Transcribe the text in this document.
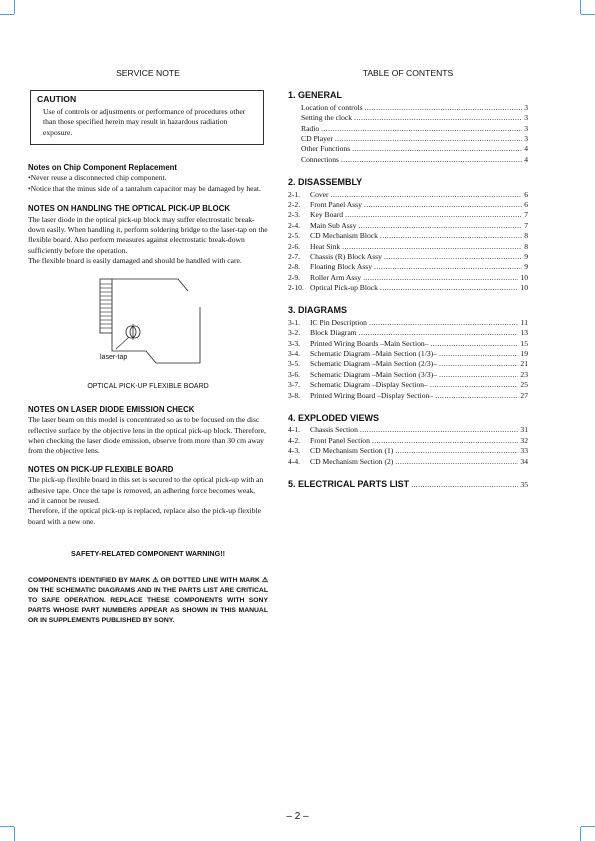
SERVICE NOTE
CAUTION
Use of controls or adjustments or performance of procedures other than those specified herein may result in hazardous radiation exposure.
Notes on Chip Component Replacement

•Never reuse a disconnected chip component.

•Notice that the minus side of a tantalum capacitor may be damaged by heat.

NOTES ON HANDLING THE OPTICAL PICK-UP BLOCK

The laser diode in the optical pick-up block may suffer electrostatic break-down easily. When handling it, perform soldering bridge to the laser-tap on the flexible board. Also perform measures against electrostatic break-down sufficiently before the operation.

The flexible board is easily damaged and should be handled with care.

laser-tap
OPTICAL PICK-UP FLEXIBLE BOARD
NOTES ON LASER DIODE EMISSION CHECK

The laser beam on this model is concentrated so as to be focused on the disc reflective surface by the objective lens in the optical pick-up block. Therefore, when checking the laser diode emission, observe from more than 30 cm away from the objective lens.

NOTES ON PICK-UP FLEXIBLE BOARD

The pick-up flexible board in this set is secured to the optical pick-up with an adhesive tape. Once the tape is removed, an adhering force becomes weak, and it cannot be reused.

Therefore, if the optical pick-up is replaced, replace also the pick-up flexible board with a new one.

SAFETY-RELATED COMPONENT WARNING!!
COMPONENTS IDENTIFIED BY MARK ⚠ OR DOTTED LINE WITH MARK ⚠ ON THE SCHEMATIC DIAGRAMS AND IN THE PARTS LIST ARE CRITICAL TO SAFE OPERATION. REPLACE THESE COMPONENTS WITH SONY PARTS WHOSE PART NUMBERS APPEAR AS SHOWN IN THIS MANUAL OR IN SUPPLEMENTS PUBLISHED BY SONY.
TABLE OF CONTENTS
1. GENERAL
Location of controls .....	3
Setting the clock .....	3
Radio .....	3
CD Player .....	3
Other Functions .....	4
Connections .....	4
2. DISASSEMBLY
2-1.	Cover .....	6
2-2.	Front Panel Assy .....	6
2-3.	Key Board .....	7
2-4.	Main Sub Assy .....	7
2-5.	CD Mechanism Block .....	8
2-6.	Heat Sink .....	8
2-7.	Chassis (R) Block Assy .....	9
2-8.	Floating Block Assy .....	9
2-9.	Roller Arm Assy .....	10
2-10. Optical Pick-up Block .....	10
3. DIAGRAMS
3-1.	IC Pin Description .....	11
3-2.	Block Diagram .....	13
3-3.	Printed Wiring Boards –Main Section– .....	15
3-4.	Schematic Diagram –Main Section (1/3)– .....	19
3-5.	Schematic Diagram –Main Section (2/3)– .....	21
3-6.	Schematic Diagram –Main Section (3/3)– .....	23
3-7.	Schematic Diagram –Display Section– .....	25
3-8.	Printed Wiring Board –Display Section– .....	27
4. EXPLODED VIEWS
4-1.	Chassis Section .....	31
4-2.	Front Panel Section .....	32
4-3.	CD Mechanism Section (1) .....	33
4-4.	CD Mechanism Section (2) .....	34
5. ELECTRICAL PARTS LIST .....	35
– 2 –
